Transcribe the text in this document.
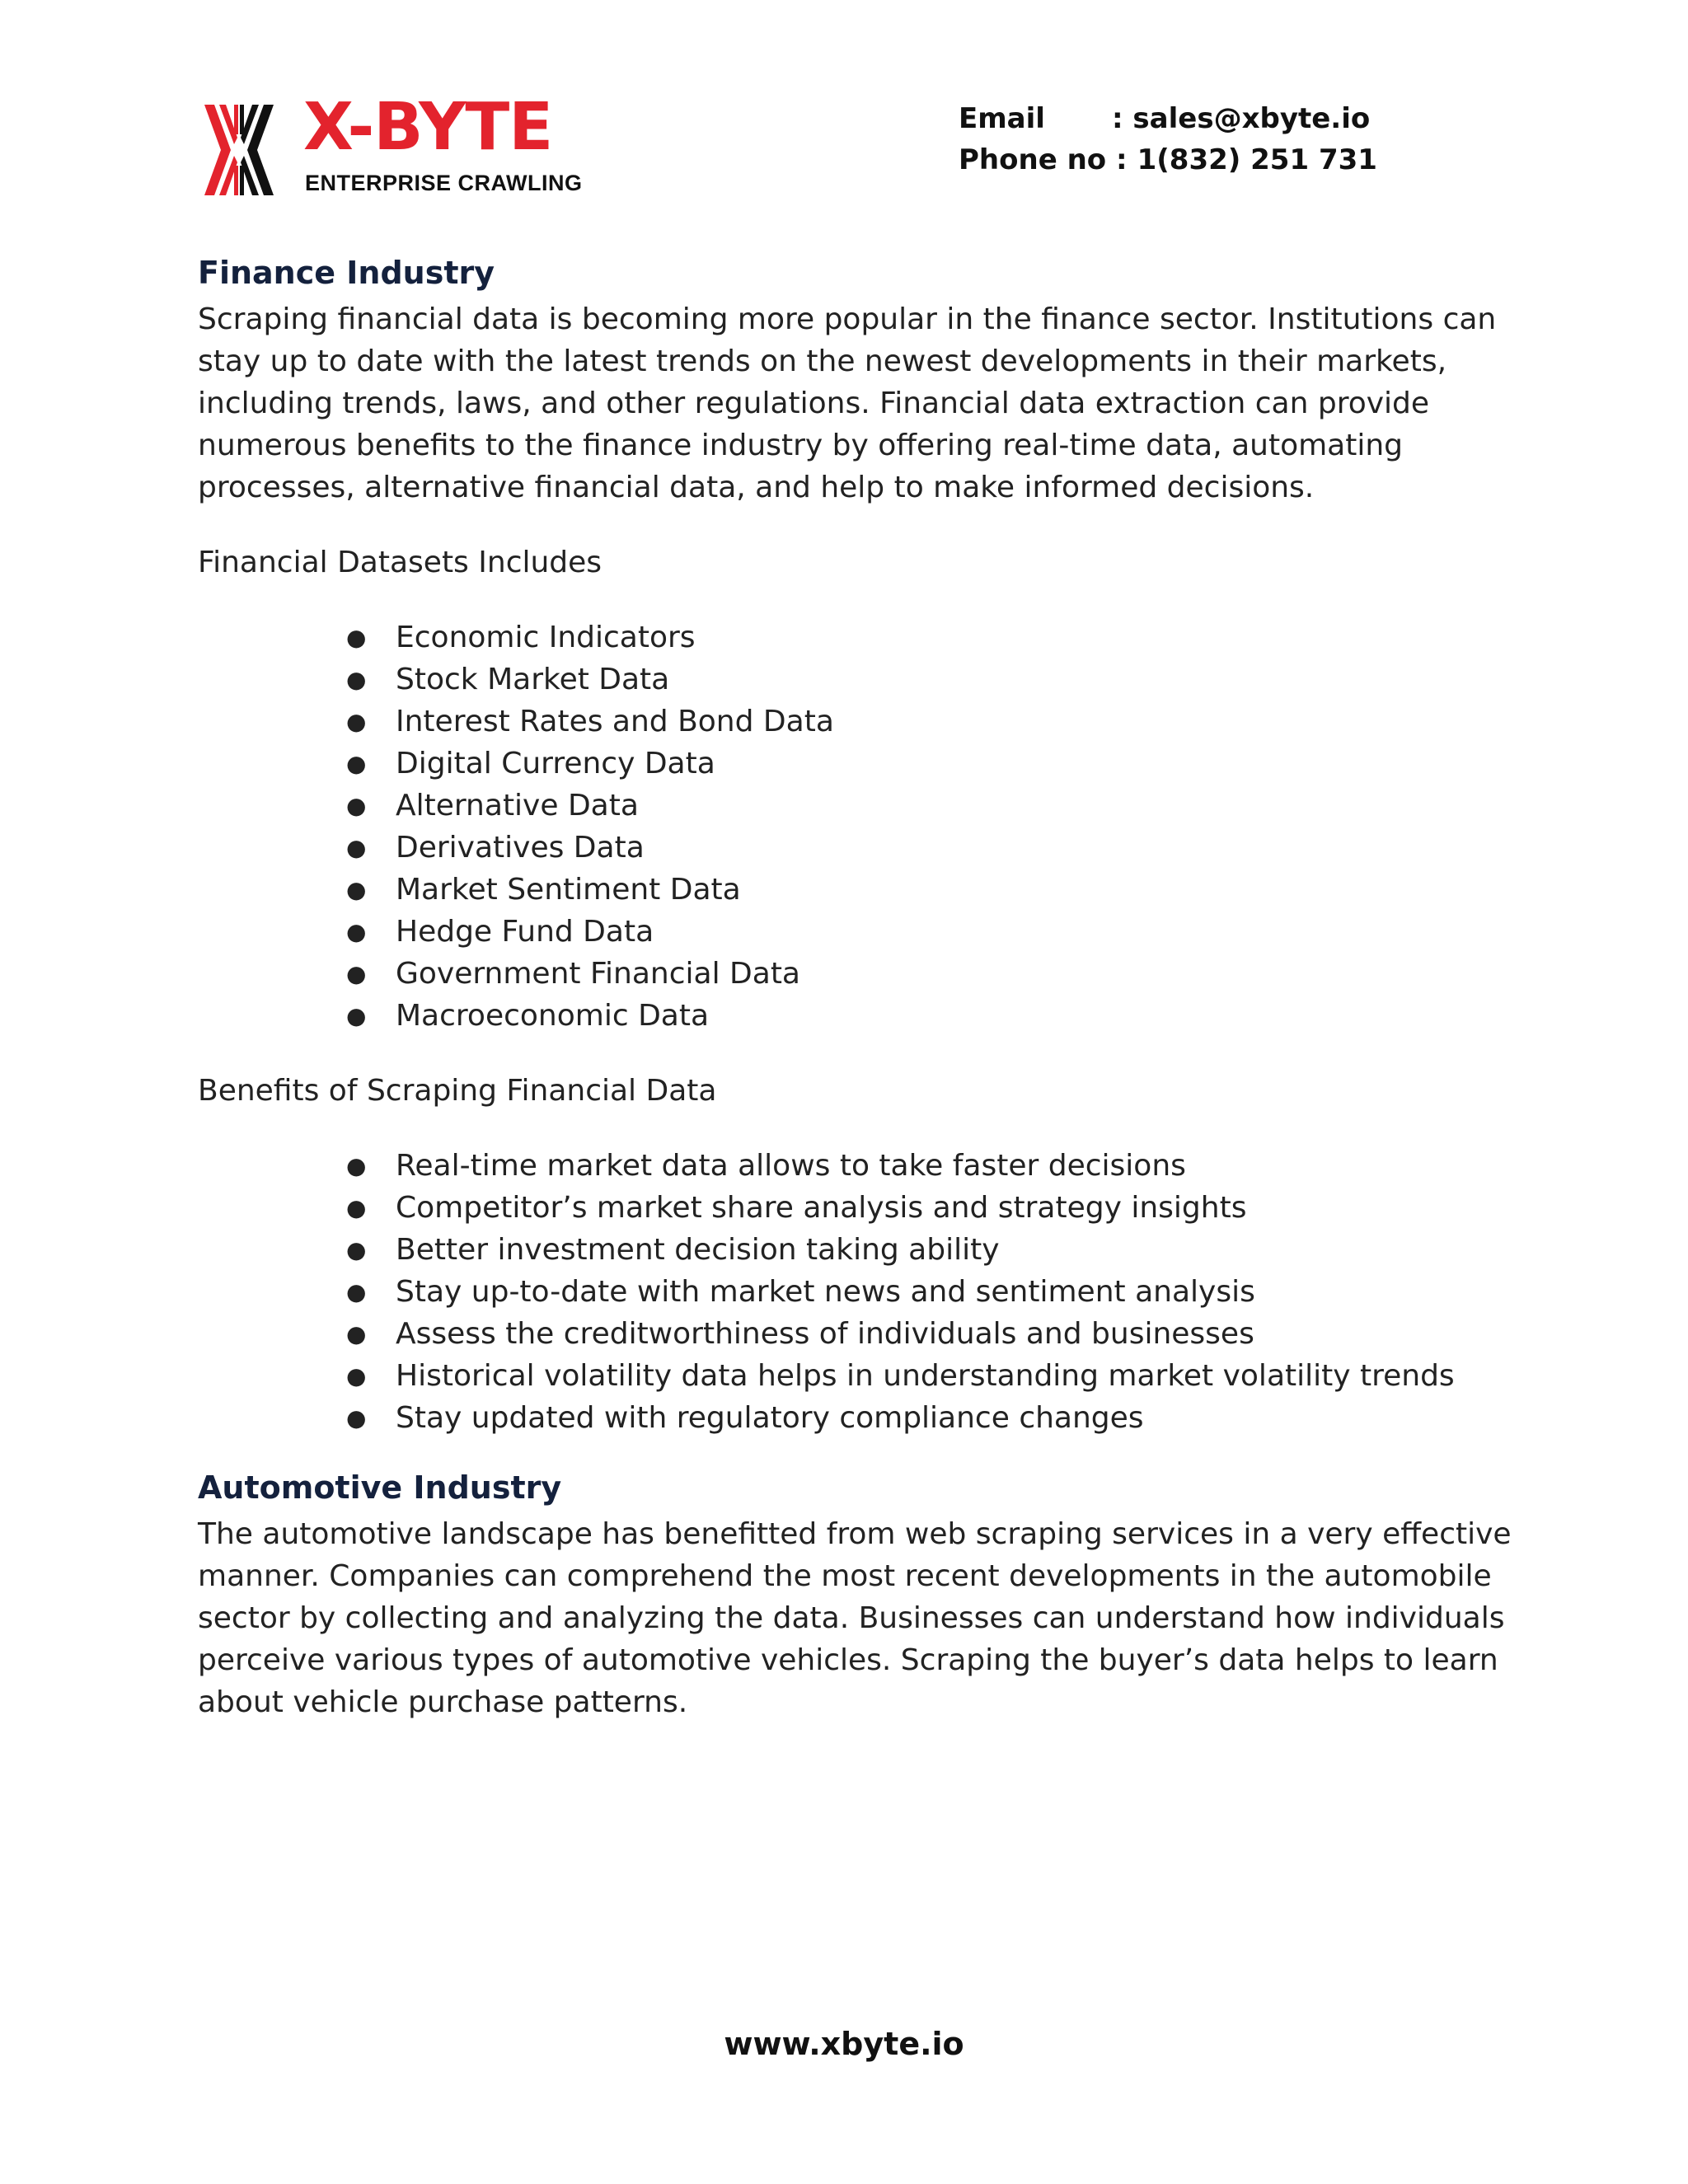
X-BYTE
ENTERPRISE CRAWLING
Email	: sales@xbyte.io
Phone no : 1(832) 251 731
Finance Industry

Scraping financial data is becoming more popular in the finance sector. Institutions can stay up to date with the latest trends on the newest developments in their markets, including trends, laws, and other regulations. Financial data extraction can provide numerous benefits to the finance industry by offering real-time data, automating processes, alternative financial data, and help to make informed decisions.

Financial Datasets Includes

● Economic Indicators
● Stock Market Data
● Interest Rates and Bond Data
● Digital Currency Data
● Alternative Data
● Derivatives Data
● Market Sentiment Data
● Hedge Fund Data
● Government Financial Data
● Macroeconomic Data

Benefits of Scraping Financial Data

● Real-time market data allows to take faster decisions
● Competitor’s market share analysis and strategy insights
● Better investment decision taking ability
● Stay up-to-date with market news and sentiment analysis
● Assess the creditworthiness of individuals and businesses
● Historical volatility data helps in understanding market volatility trends
● Stay updated with regulatory compliance changes
Automotive Industry

The automotive landscape has benefitted from web scraping services in a very effective manner. Companies can comprehend the most recent developments in the automobile sector by collecting and analyzing the data. Businesses can understand how individuals perceive various types of automotive vehicles. Scraping the buyer’s data helps to learn about vehicle purchase patterns.

www.xbyte.io
